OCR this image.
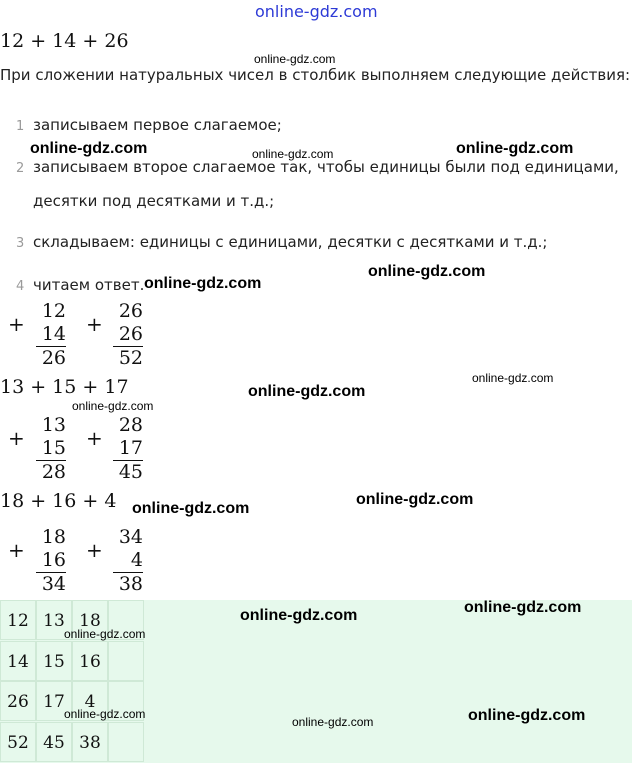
online-gdz.com
12 + 14 + 26
При сложении натуральных чисел в столбик выполняем следующие действия:
1 записываем первое слагаемое;
2 записываем второе слагаемое так, чтобы единицы были под единицами,
десятки под десятками и т.д.;
3 складываем: единицы с единицами, десятки с десятками и т.д.;
4 читаем ответ.
+
12
14
26
+
26
26
52
13 + 15 + 17
+
13
15
28
+
28
17
45
18 + 16 + 4
+
18
16
34
+
34
4
38
12 13 18
14 15 16
26 17	4
52 45 38
online-gdz.com
online-gdz.com
online-gdz.com	online-gdz.com
online-gdz.com
online-gdz.com
online-gdz.com
online-gdz.com
online-gdz.com
online-gdz.com
online-gdz.com
online-gdz.com	online-gdz.com
online-gdz.com
online-gdz.com
online-gdz.com	online-gdz.com
